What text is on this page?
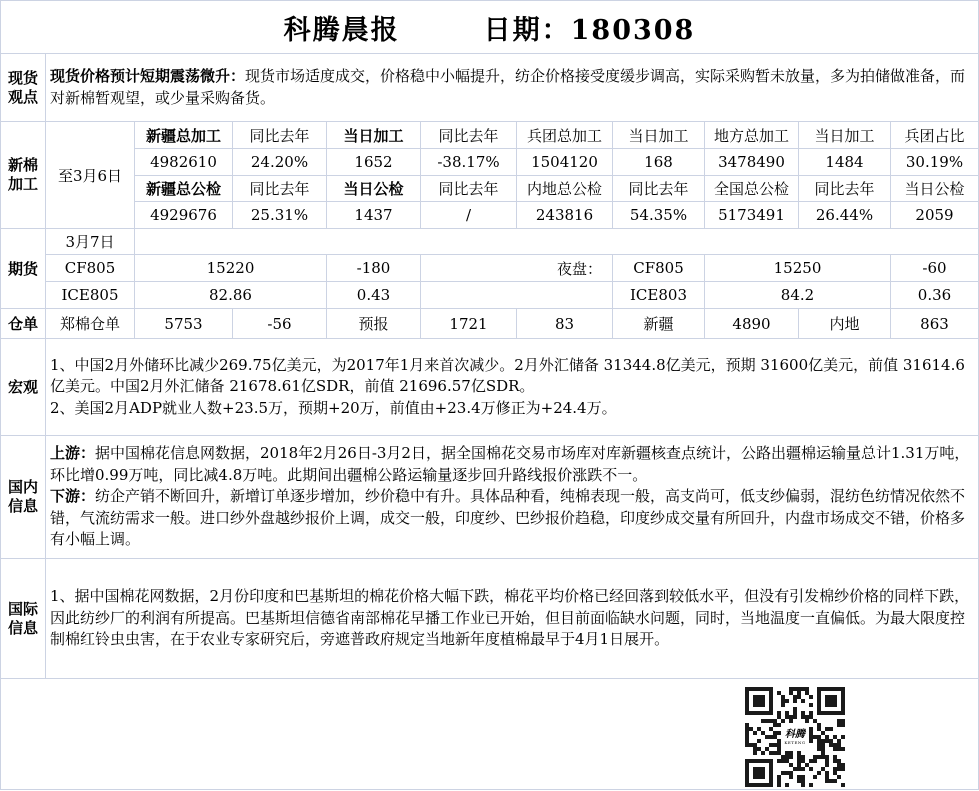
科腾晨报	日期：180308
现货观点
现货价格预计短期震荡微升：现货市场适度成交，价格稳中小幅提升，纺企价格接受度缓步调高，实际采购暂未放量，多为拍储做准备，而对新棉暂观望，或少量采购备货。
新棉加工	至3月6日
新疆总加工	同比去年	当日加工	同比去年	兵团总加工	当日加工	地方总加工	当日加工	兵团占比
4982610	24.20%	1652	-38.17%	1504120	168	3478490	1484	30.19%
新疆总公检	同比去年	当日公检	同比去年	内地总公检	同比去年	全国总公检	同比去年	当日公检
4929676	25.31%	1437	/	243816	54.35%	5173491	26.44%	2059
期货
3月7日
CF805	15220	-180	夜盘：	CF805	15250	-60
ICE805	82.86	0.43	ICE803	84.2	0.36
仓单	郑棉仓单	5753	-56	预报	1721	83	新疆	4890	内地	863
宏观
1、中国2月外储环比减少269.75亿美元，为2017年1月来首次减少。2月外汇储备 31344.8亿美元，预期 31600亿美元，前值 31614.6亿美元。中国2月外汇储备 21678.61亿SDR，前值 21696.57亿SDR。
2、美国2月ADP就业人数+23.5万，预期+20万，前值由+23.4万修正为+24.4万。
国内信息
上游：据中国棉花信息网数据，2018年2月26日-3月2日，据全国棉花交易市场库对库新疆核查点统计，公路出疆棉运输量总计1.31万吨，环比增0.99万吨，同比减4.8万吨。此期间出疆棉公路运输量逐步回升路线报价涨跌不一。
下游：纺企产销不断回升，新增订单逐步增加，纱价稳中有升。具体品种看，纯棉表现一般，高支尚可，低支纱偏弱，混纺色纺情况依然不错，气流纺需求一般。进口纱外盘越纱报价上调，成交一般，印度纱、巴纱报价趋稳，印度纱成交量有所回升，内盘市场成交不错，价格多有小幅上调。
国际信息
1、据中国棉花网数据，2月份印度和巴基斯坦的棉花价格大幅下跌，棉花平均价格已经回落到较低水平，但没有引发棉纱价格的同样下跌，因此纺纱厂的利润有所提高。巴基斯坦信德省南部棉花早播工作业已开始，但目前面临缺水问题，同时，当地温度一直偏低。为最大限度控制棉红铃虫虫害，在于农业专家研究后，旁遮普政府规定当地新年度植棉最早于4月1日展开。
科腾
KETENG
